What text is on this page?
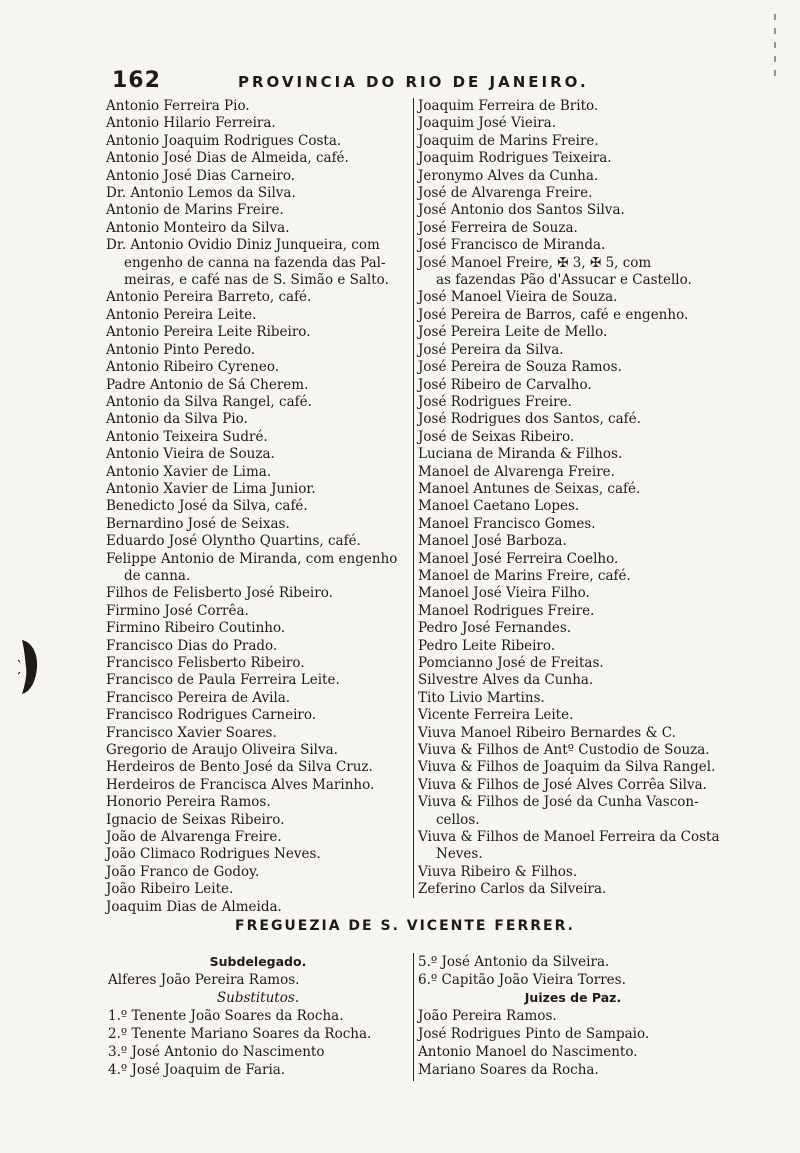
162	PROVINCIA DO RIO DE JANEIRO.
Antonio Ferreira Pio.
Antonio Hilario Ferreira.
Antonio Joaquim Rodrigues Costa.
Antonio José Dias de Almeida, café.
Antonio José Dias Carneiro.
Dr. Antonio Lemos da Silva.
Antonio de Marins Freire.
Antonio Monteiro da Silva.
Dr. Antonio Ovidio Diniz Junqueira, com
engenho de canna na fazenda das Pal-
meiras, e café nas de S. Simão e Salto.
Antonio Pereira Barreto, café.
Antonio Pereira Leite.
Antonio Pereira Leite Ribeiro.
Antonio Pinto Peredo.
Antonio Ribeiro Cyreneo.
Padre Antonio de Sá Cherem.
Antonio da Silva Rangel, café.
Antonio da Silva Pio.
Antonio Teixeira Sudré.
Antonio Vieira de Souza.
Antonio Xavier de Lima.
Antonio Xavier de Lima Junior.
Benedicto José da Silva, café.
Bernardino José de Seixas.
Eduardo José Olyntho Quartins, café.
Felippe Antonio de Miranda, com engenho
de canna.
Filhos de Felisberto José Ribeiro.
Firmino José Corrêa.
Firmino Ribeiro Coutinho.
Francisco Dias do Prado.
Francisco Felisberto Ribeiro.
Francisco de Paula Ferreira Leite.
Francisco Pereira de Avila.
Francisco Rodrigues Carneiro.
Francisco Xavier Soares.
Gregorio de Araujo Oliveira Silva.
Herdeiros de Bento José da Silva Cruz.
Herdeiros de Francisca Alves Marinho.
Honorio Pereira Ramos.
Ignacio de Seixas Ribeiro.
João de Alvarenga Freire.
João Climaco Rodrigues Neves.
João Franco de Godoy.
João Ribeiro Leite.
Joaquim Dias de Almeida.
Joaquim Ferreira de Brito.
Joaquim José Vieira.
Joaquim de Marins Freire.
Joaquim Rodrigues Teixeira.
Jeronymo Alves da Cunha.
José de Alvarenga Freire.
José Antonio dos Santos Silva.
José Ferreira de Souza.
José Francisco de Miranda.
José Manoel Freire, ✠ 3, ✠ 5, com
as fazendas Pão d'Assucar e Castello.
José Manoel Vieira de Souza.
José Pereira de Barros, café e engenho.
José Pereira Leite de Mello.
José Pereira da Silva.
José Pereira de Souza Ramos.
José Ribeiro de Carvalho.
José Rodrigues Freire.
José Rodrigues dos Santos, café.
José de Seixas Ribeiro.
Luciana de Miranda & Filhos.
Manoel de Alvarenga Freire.
Manoel Antunes de Seixas, café.
Manoel Caetano Lopes.
Manoel Francisco Gomes.
Manoel José Barboza.
Manoel José Ferreira Coelho.
Manoel de Marins Freire, café.
Manoel José Vieira Filho.
Manoel Rodrigues Freire.
Pedro José Fernandes.
Pedro Leite Ribeiro.
Pomcianno José de Freitas.
Silvestre Alves da Cunha.
Tito Livio Martins.
Vicente Ferreira Leite.
Viuva Manoel Ribeiro Bernardes & C.
Viuva & Filhos de Antº Custodio de Souza.
Viuva & Filhos de Joaquim da Silva Rangel.
Viuva & Filhos de José Alves Corrêa Silva.
Viuva & Filhos de José da Cunha Vascon-
cellos.
Viuva & Filhos de Manoel Ferreira da Costa
Neves.
Viuva Ribeiro & Filhos.
Zeferino Carlos da Silveira.
FREGUEZIA DE S. VICENTE FERRER.
Subdelegado.
Alferes João Pereira Ramos.
Substitutos.
1.º Tenente João Soares da Rocha.
2.º Tenente Mariano Soares da Rocha.
3.º José Antonio do Nascimento
4.º José Joaquim de Faria.
5.º José Antonio da Silveira.
6.º Capitão João Vieira Torres.
Juizes de Paz.
João Pereira Ramos.
José Rodrigues Pinto de Sampaio.
Antonio Manoel do Nascimento.
Mariano Soares da Rocha.
